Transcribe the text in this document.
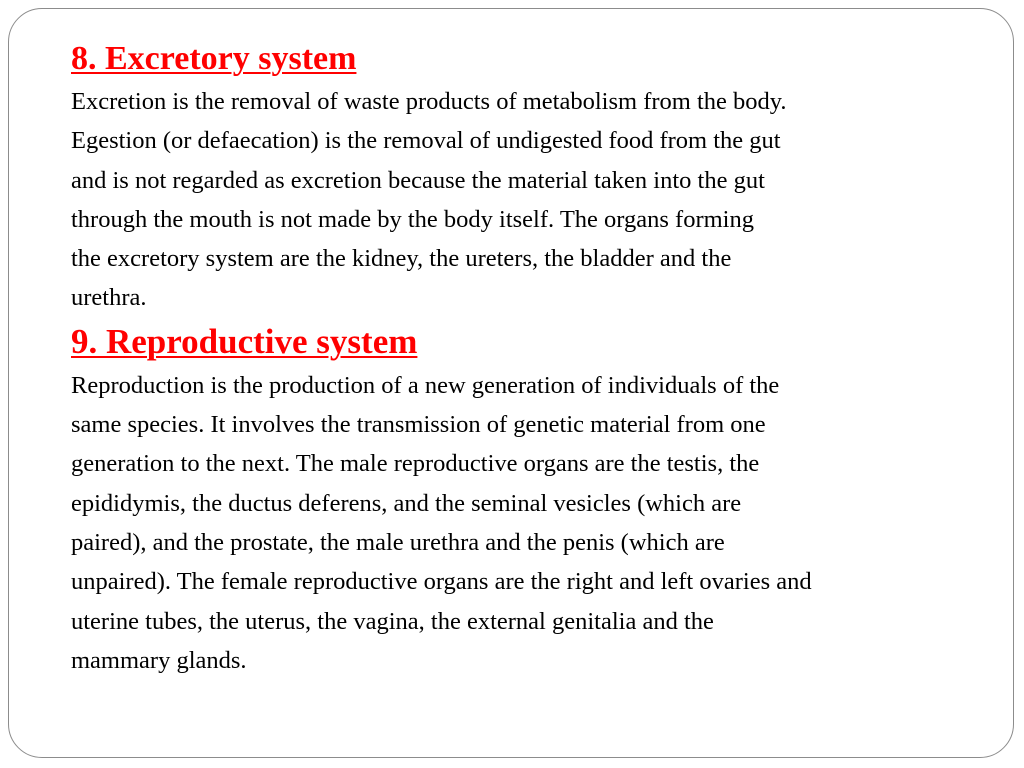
8. Excretory system

Excretion is the removal of waste products of metabolism from the body.
Egestion (or defaecation) is the removal of undigested food from the gut
and is not regarded as excretion because the material taken into the gut
through the mouth is not made by the body itself. The organs forming
the excretory system are the kidney, the ureters, the bladder and the
urethra.

9. Reproductive system

Reproduction is the production of a new generation of individuals of the
same species. It involves the transmission of genetic material from one
generation to the next. The male reproductive organs are the testis, the
epididymis, the ductus deferens, and the seminal vesicles (which are
paired), and the prostate, the male urethra and the penis (which are
unpaired). The female reproductive organs are the right and left ovaries and
uterine tubes, the uterus, the vagina, the external genitalia and the
mammary glands.
